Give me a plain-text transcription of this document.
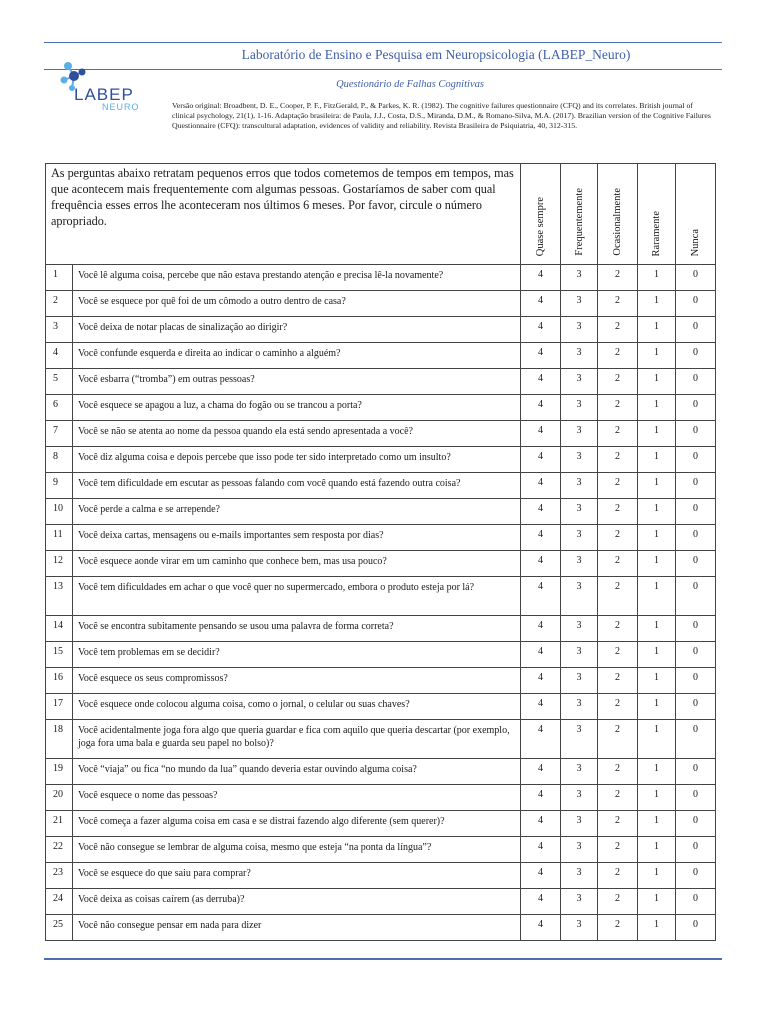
Laboratório de Ensino e Pesquisa em Neuropsicologia (LABEP_Neuro)
LABEP
NEURO
Questionário de Falhas Cognitivas
Versão original: Broadbent, D. E., Cooper, P. F., FitzGerald, P., & Parkes, K. R. (1982). The cognitive failures questionnaire (CFQ) and its correlates. British journal of clinical psychology, 21(1), 1-16. Adaptação brasileira: de Paula, J.J., Costa, D.S., Miranda, D.M., & Romano-Silva, M.A. (2017). Brazilian version of the Cognitive Failures Questionnaire (CFQ): transcultural adaptation, evidences of validity and reliability. Revista Brasileira de Psiquiatria, 40, 312-315.
As perguntas abaixo retratam pequenos erros que todos cometemos de tempos em tempos, mas que acontecem mais frequentemente com algumas pessoas. Gostaríamos de saber com qual frequência esses erros lhe aconteceram nos últimos 6 meses. Por favor, circule o número apropriado.		Quase sempre	Frequentemente	Ocasionalmente	Raramente	Nunca

1	Você lê alguma coisa, percebe que não estava prestando atenção e precisa lê-la novamente?	4	3	2	1	0
2	Você se esquece por quê foi de um cômodo a outro dentro de casa?	4	3	2	1	0
3	Você deixa de notar placas de sinalização ao dirigir?	4	3	2	1	0
4	Você confunde esquerda e direita ao indicar o caminho a alguém?	4	3	2	1	0
5	Você esbarra (“tromba”) em outras pessoas?	4	3	2	1	0
6	Você esquece se apagou a luz, a chama do fogão ou se trancou a porta?	4	3	2	1	0
7	Você se não se atenta ao nome da pessoa quando ela está sendo apresentada a você?	4	3	2	1	0
8	Você diz alguma coisa e depois percebe que isso pode ter sido interpretado como um insulto?	4	3	2	1	0
9	Você tem dificuldade em escutar as pessoas falando com você quando está fazendo outra coisa?	4	3	2	1	0
10	Você perde a calma e se arrepende?	4	3	2	1	0
11	Você deixa cartas, mensagens ou e-mails importantes sem resposta por dias?	4	3	2	1	0
12	Você esquece aonde virar em um caminho que conhece bem, mas usa pouco?	4	3	2	1	0
13	Você tem dificuldades em achar o que você quer no supermercado, embora o produto esteja por lá?	4	3	2	1	0
14	Você se encontra subitamente pensando se usou uma palavra de forma correta?	4	3	2	1	0
15	Você tem problemas em se decidir?	4	3	2	1	0
16	Você esquece os seus compromissos?	4	3	2	1	0
17	Você esquece onde colocou alguma coisa, como o jornal, o celular ou suas chaves?	4	3	2	1	0
18	Você acidentalmente joga fora algo que queria guardar e fica com aquilo que queria descartar (por exemplo, joga fora uma bala e guarda seu papel no bolso)?	4	3	2	1	0
19	Você “viaja” ou fica “no mundo da lua” quando deveria estar ouvindo alguma coisa?	4	3	2	1	0
20	Você esquece o nome das pessoas?	4	3	2	1	0
21	Você começa a fazer alguma coisa em casa e se distrai fazendo algo diferente (sem querer)?	4	3	2	1	0
22	Você não consegue se lembrar de alguma coisa, mesmo que esteja “na ponta da língua”?	4	3	2	1	0
23	Você se esquece do que saiu para comprar?	4	3	2	1	0
24	Você deixa as coisas caírem (as derruba)?	4	3	2	1	0
25	Você não consegue pensar em nada para dizer	4	3	2	1	0
